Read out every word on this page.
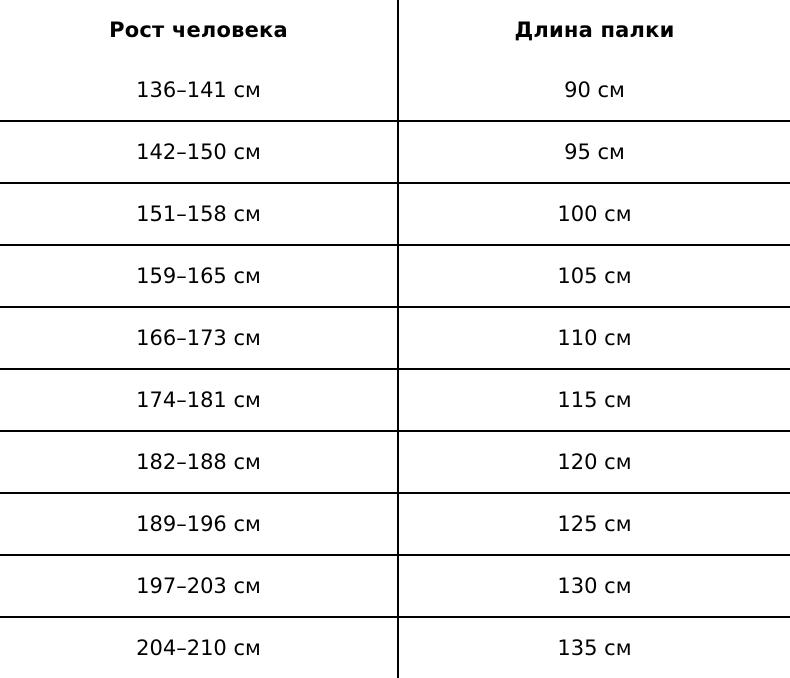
Рост человека	Длина палки
136–141 см	90 см
142–150 см	95 см
151–158 см	100 см
159–165 см	105 см
166–173 см	110 см
174–181 см	115 см
182–188 см	120 см
189–196 см	125 см
197–203 см	130 см
204–210 см	135 см
